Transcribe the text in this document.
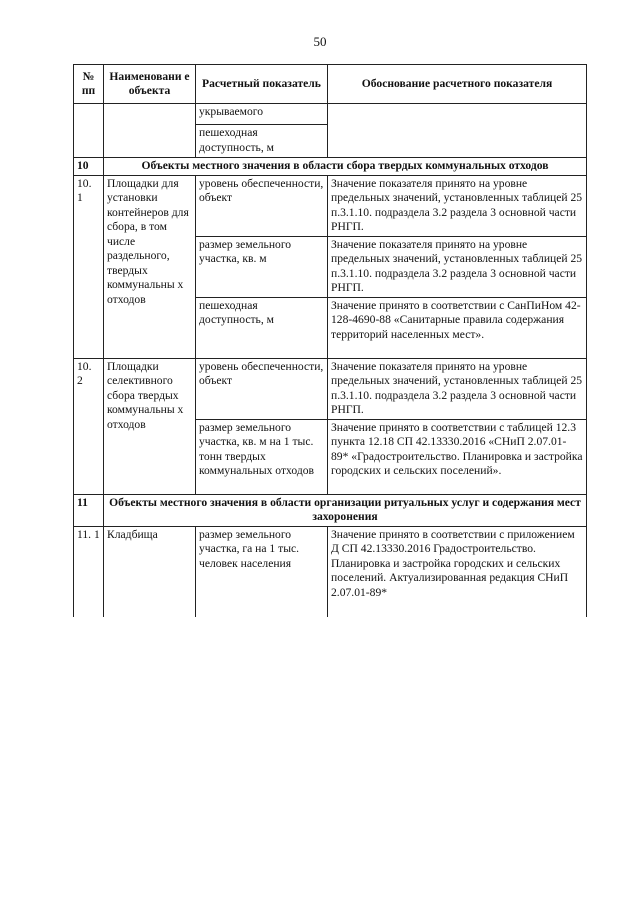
50
№ пп	Наименовани е объекта	Расчетный показатель	Обоснование расчетного показателя
		укрываемого	
		пешеходная доступность, м	
10	Объекты местного значения в области сбора твердых коммунальных отходов		
10. 1	Площадки для установки контейнеров для сбора, в том числе раздельного, твердых коммунальны х отходов	уровень обеспеченности, объект	Значение показателя принято на уровне предельных значений, установленных таблицей 25 п.3.1.10. подраздела 3.2 раздела 3 основной части РНГП.
		размер земельного участка, кв. м	Значение показателя принято на уровне предельных значений, установленных таблицей 25 п.3.1.10. подраздела 3.2 раздела 3 основной части РНГП.
		пешеходная доступность, м	Значение принято в соответствии с СанПиНом 42-128-4690-88 «Санитарные правила содержания территорий населенных мест».
10. 2	Площадки селективного сбора твердых коммунальны х отходов	уровень обеспеченности, объект	Значение показателя принято на уровне предельных значений, установленных таблицей 25 п.3.1.10. подраздела 3.2 раздела 3 основной части РНГП.
		размер земельного участка, кв. м на 1 тыс. тонн твердых коммунальных отходов	Значение принято в соответствии с таблицей 12.3 пункта 12.18 СП 42.13330.2016 «СНиП 2.07.01-89* «Градостроительство. Планировка и застройка городских и сельских поселений».
11	Объекты местного значения в области организации ритуальных услуг и содержания мест захоронения		
11. 1	Кладбища	размер земельного участка, га на 1 тыс. человек населения	Значение принято в соответствии с приложением Д СП 42.13330.2016 Градостроительство. Планировка и застройка городских и сельских поселений. Актуализированная редакция СНиП 2.07.01-89*
